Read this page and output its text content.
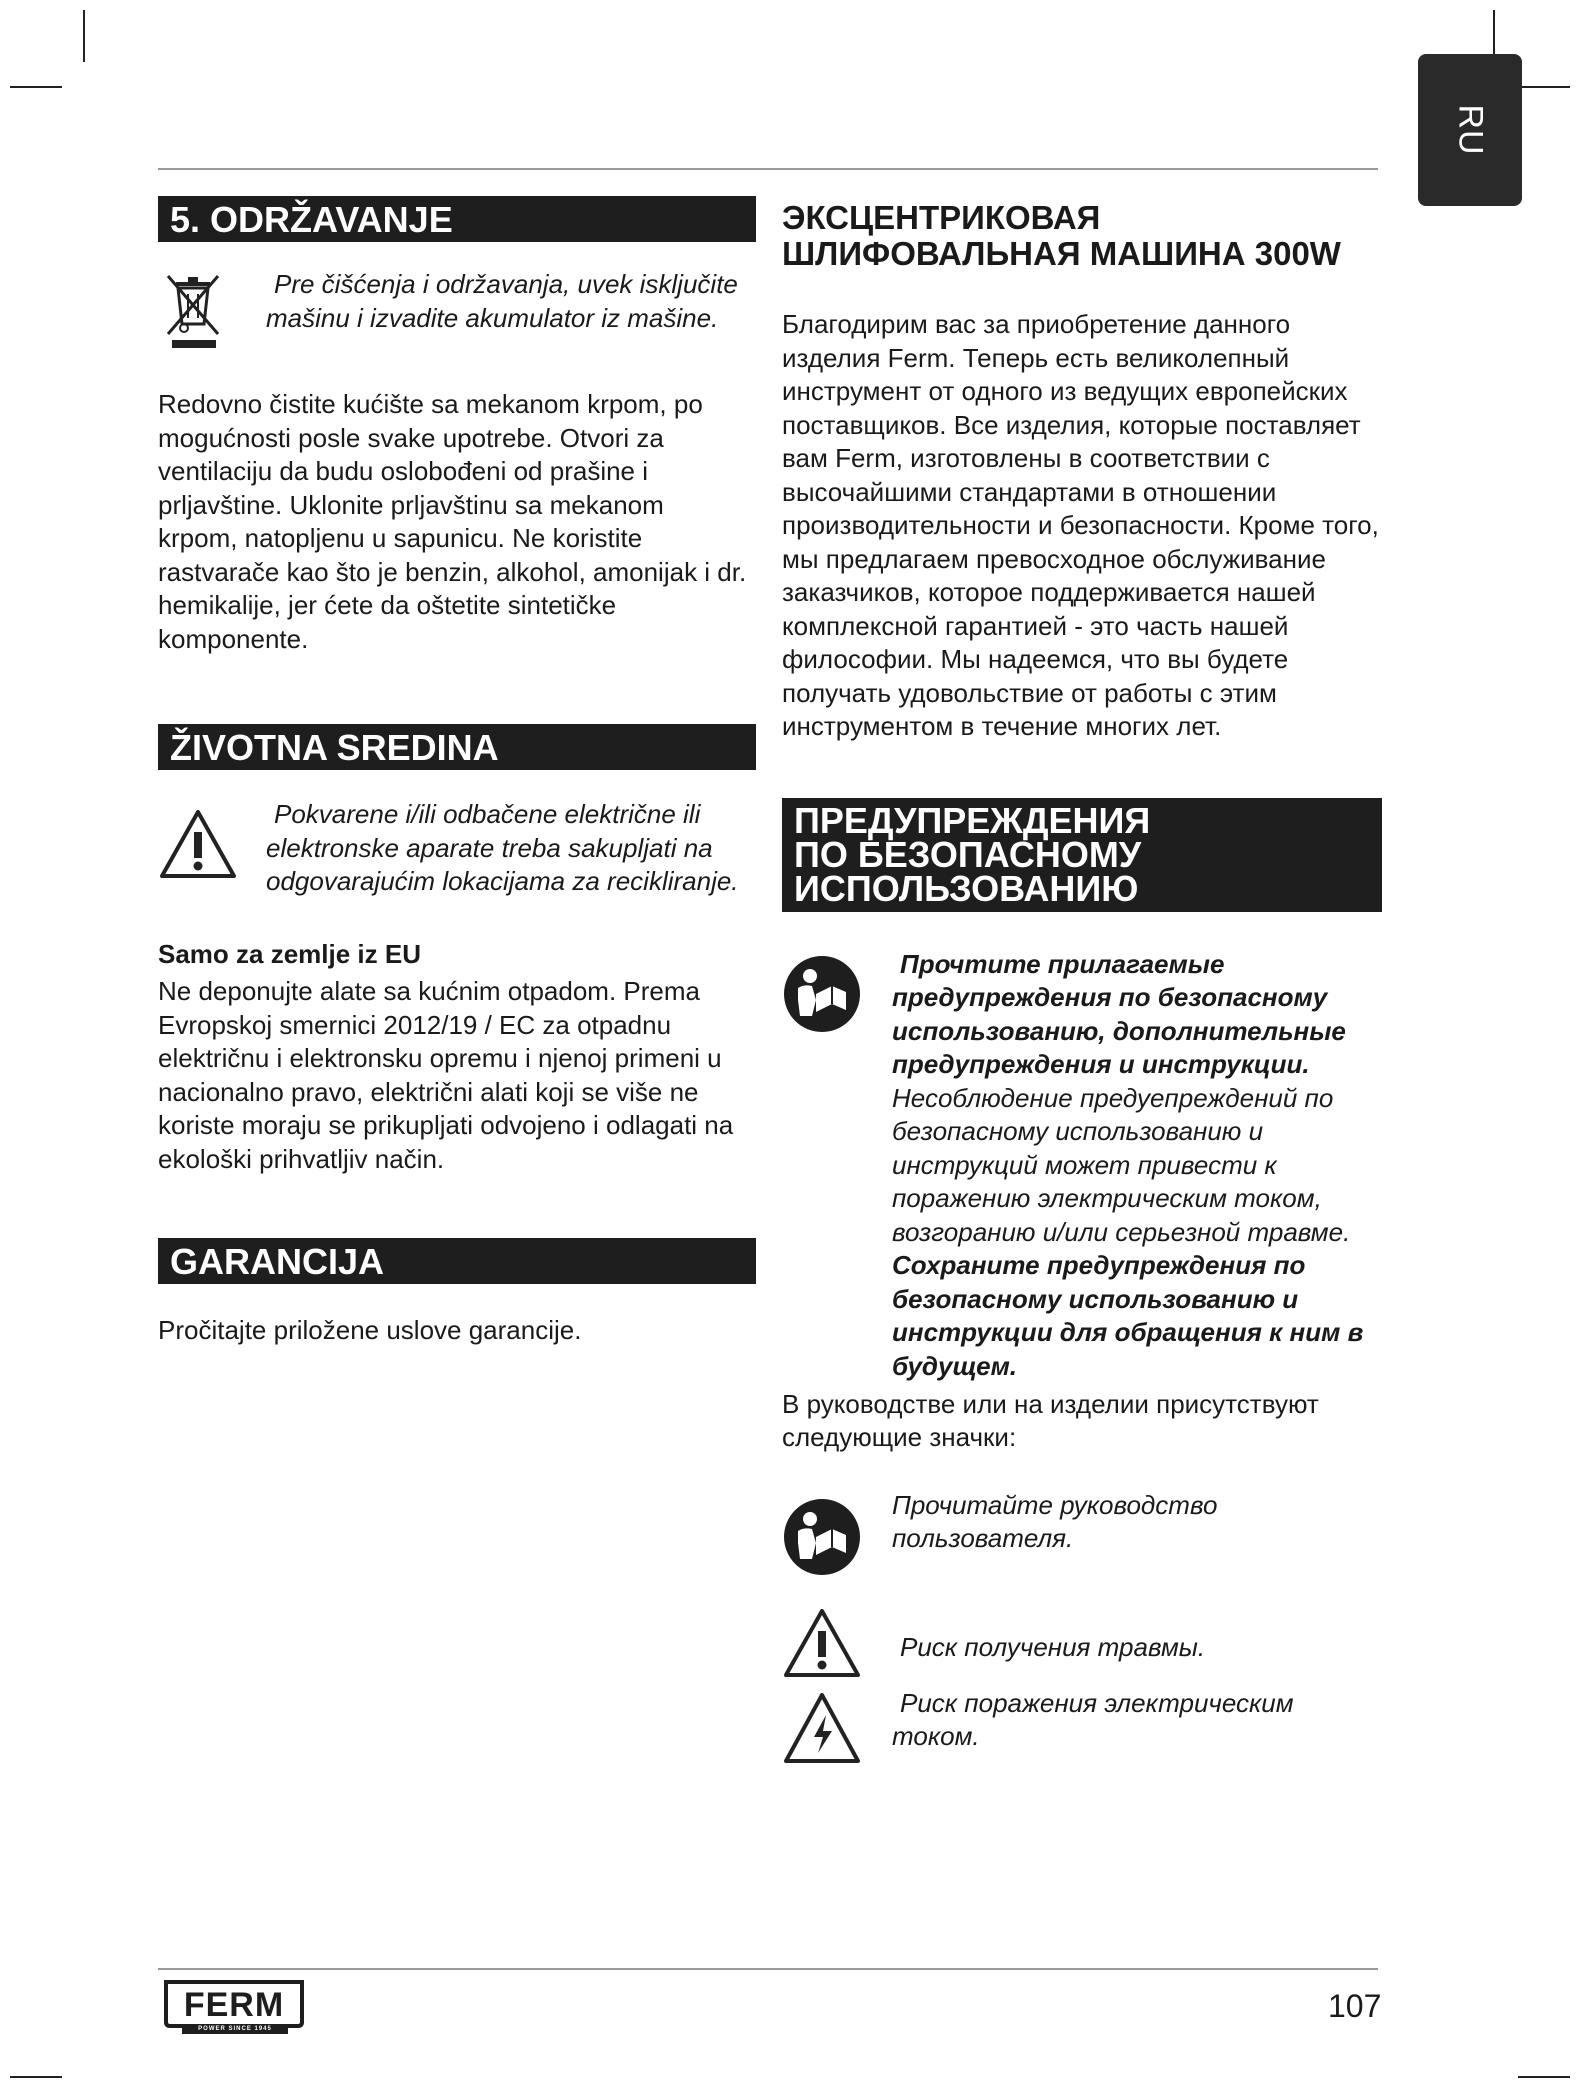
RU
5. ODRŽAVANJE
Pre čišćenja i održavanja, uvek isključite mašinu i izvadite akumulator iz mašine.

Redovno čistite kućište sa mekanom krpom, po mogućnosti posle svake upotrebe. Otvori za ventilaciju da budu oslobođeni od prašine i prljavštine. Uklonite prljavštinu sa mekanom krpom, natopljenu u sapunicu. Ne koristite rastvarače kao što je benzin, alkohol, amonijak i dr. hemikalije, jer ćete da oštetite sintetičke komponente.

ŽIVOTNA SREDINA
Pokvarene i/ili odbačene električne ili elektronske aparate treba sakupljati na odgovarajućim lokacijama za recikliranje.
Samo za zemlje iz EU

Ne deponujte alate sa kućnim otpadom. Prema Evropskoj smernici 2012/19 / EC za otpadnu električnu i elektronsku opremu i njenoj primeni u nacionalno pravo, električni alati koji se više ne koriste moraju se prikupljati odvojeno i odlagati na ekološki prihvatljiv način.

GARANCIJA

Pročitajte priložene uslove garancije.

ЭКСЦЕНТРИКОВАЯ
ШЛИФОВАЛЬНАЯ МАШИНА 300W

Благодирим вас за приобретение данного изделия Ferm. Теперь есть великолепный инструмент от одного из ведущих европейских поставщиков. Все изделия, которые поставляет вам Ferm, изготовлены в соответствии с высочайшими стандартами в отношении производительности и безопасности. Кроме того, мы предлагаем превосходное обслуживание заказчиков, которое поддерживается нашей комплексной гарантией - это часть нашей философии. Мы надеемся, что вы будете получать удовольствие от работы с этим инструментом в течение многих лет.

ПРЕДУПРЕЖДЕНИЯ
ПО БЕЗОПАСНОМУ
ИСПОЛЬЗОВАНИЮ
Прочтите прилагаемые предупреждения по безопасному использованию, дополнительные предупреждения и инструкции.
Несоблюдение предуепреждений по безопасному использованию и инструкций может привести к поражению электрическим током, возгоранию и/или серьезной травме.
Сохраните предупреждения по безопасному использованию и инструкции для обращения к ним в будущем.

В руководстве или на изделии присутствуют следующие значки:

Прочитайте руководство пользователя.
Риск получения травмы.
Риск поражения электрическим током.
FERM
POWER SINCE 1945
107
